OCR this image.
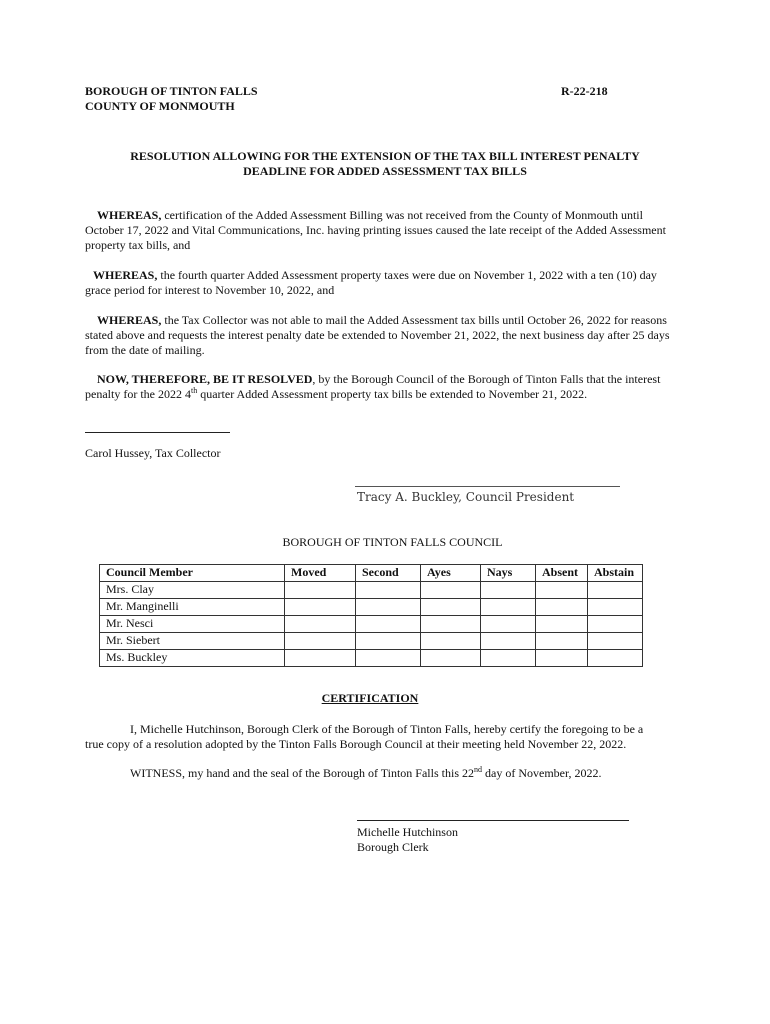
BOROUGH OF TINTON FALLS
COUNTY OF MONMOUTH
R-22-218
RESOLUTION ALLOWING FOR THE EXTENSION OF THE TAX BILL INTEREST PENALTY
DEADLINE FOR ADDED ASSESSMENT TAX BILLS
WHEREAS, certification of the Added Assessment Billing was not received from the County of Monmouth until October 17, 2022 and Vital Communications, Inc. having printing issues caused the late receipt of the Added Assessment property tax bills, and
WHEREAS, the fourth quarter Added Assessment property taxes were due on November 1, 2022 with a ten (10) day grace period for interest to November 10, 2022, and
WHEREAS, the Tax Collector was not able to mail the Added Assessment tax bills until October 26, 2022 for reasons stated above and requests the interest penalty date be extended to November 21, 2022, the next business day after 25 days from the date of mailing.
NOW, THEREFORE, BE IT RESOLVED, by the Borough Council of the Borough of Tinton Falls that the interest penalty for the 2022 4th quarter Added Assessment property tax bills be extended to November 21, 2022.
Carol Hussey, Tax Collector
Tracy A. Buckley, Council President
BOROUGH OF TINTON FALLS COUNCIL
Council Member	Moved	Second	Ayes	Nays	Absent	Abstain
Mrs. Clay						
Mr. Manginelli						
Mr. Nesci						
Mr. Siebert						
Ms. Buckley						
CERTIFICATION
I, Michelle Hutchinson, Borough Clerk of the Borough of Tinton Falls, hereby certify the foregoing to be a true copy of a resolution adopted by the Tinton Falls Borough Council at their meeting held November 22, 2022.
WITNESS, my hand and the seal of the Borough of Tinton Falls this 22nd day of November, 2022.
Michelle Hutchinson
Borough Clerk
